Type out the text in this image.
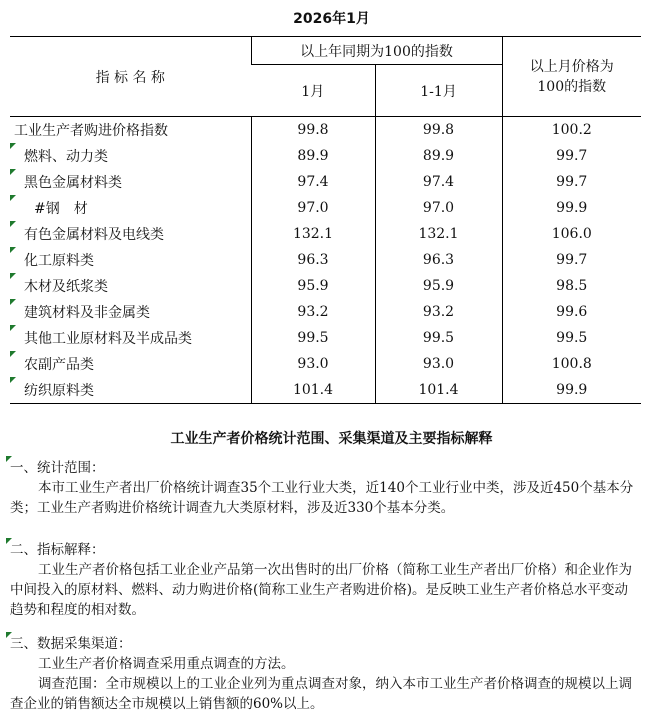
2026年1月
指 标 名 称	以上年同期为100的指数		以上月价格为100的指数

	1月	1-1月	
工业生产者购进价格指数	99.8	99.8	100.2

燃料、动力类	89.9	89.9	99.7

黑色金属材料类	97.4	97.4	99.7

#钢　材	97.0	97.0	99.9

有色金属材料及电线类	132.1	132.1	106.0

化工原料类	96.3	96.3	99.7

木材及纸浆类	95.9	95.9	98.5

建筑材料及非金属类	93.2	93.2	99.6

其他工业原材料及半成品类	99.5	99.5	99.5

农副产品类	93.0	93.0	100.8

纺织原料类	101.4	101.4	99.9
工业生产者价格统计范围、采集渠道及主要指标解释
一、统计范围：
本市工业生产者出厂价格统计调查35个工业行业大类，近140个工业行业中类，涉及近450个基本分类；工业生产者购进价格统计调查九大类原材料，涉及近330个基本分类。
二、指标解释：
工业生产者价格包括工业企业产品第一次出售时的出厂价格（简称工业生产者出厂价格）和企业作为中间投入的原材料、燃料、动力购进价格(简称工业生产者购进价格)。是反映工业生产者价格总水平变动趋势和程度的相对数。
三、数据采集渠道：
工业生产者价格调查采用重点调查的方法。
调查范围：全市规模以上的工业企业列为重点调查对象，纳入本市工业生产者价格调查的规模以上调查企业的销售额达全市规模以上销售额的60%以上。
